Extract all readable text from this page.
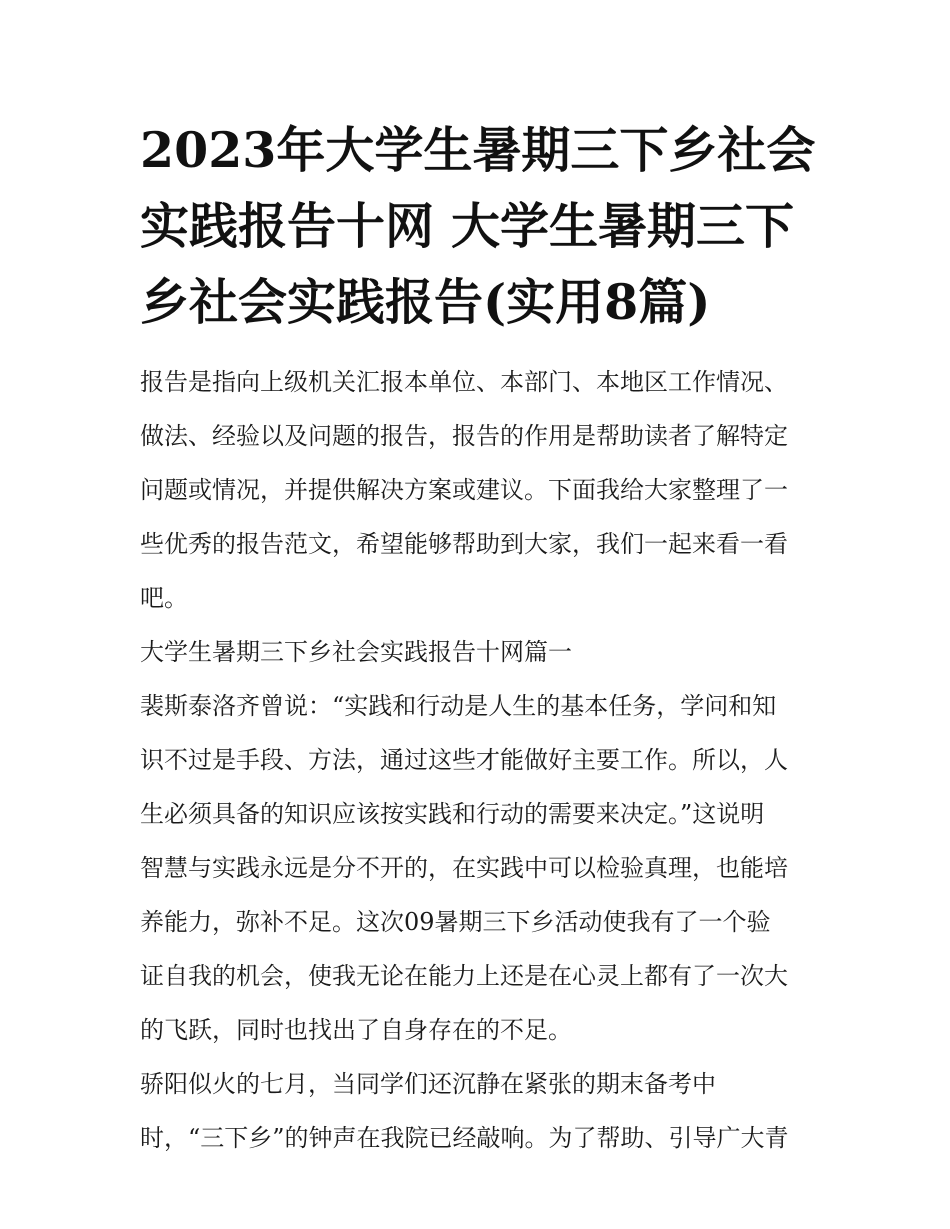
2023年大学生暑期三下乡社会
实践报告十网 大学生暑期三下
乡社会实践报告(实用8篇)

报告是指向上级机关汇报本单位、本部门、本地区工作情况、
做法、经验以及问题的报告，报告的作用是帮助读者了解特定
问题或情况，并提供解决方案或建议。下面我给大家整理了一
些优秀的报告范文，希望能够帮助到大家，我们一起来看一看
吧。

大学生暑期三下乡社会实践报告十网篇一

裴斯泰洛齐曾说：“实践和行动是人生的基本任务，学问和知
识不过是手段、方法，通过这些才能做好主要工作。所以，人
生必须具备的知识应该按实践和行动的需要来决定。”这说明
智慧与实践永远是分不开的，在实践中可以检验真理，也能培
养能力，弥补不足。这次09暑期三下乡活动使我有了一个验
证自我的机会，使我无论在能力上还是在心灵上都有了一次大
的飞跃，同时也找出了自身存在的不足。

骄阳似火的七月，当同学们还沉静在紧张的期末备考中
时，“三下乡”的钟声在我院已经敲响。为了帮助、引导广大青
